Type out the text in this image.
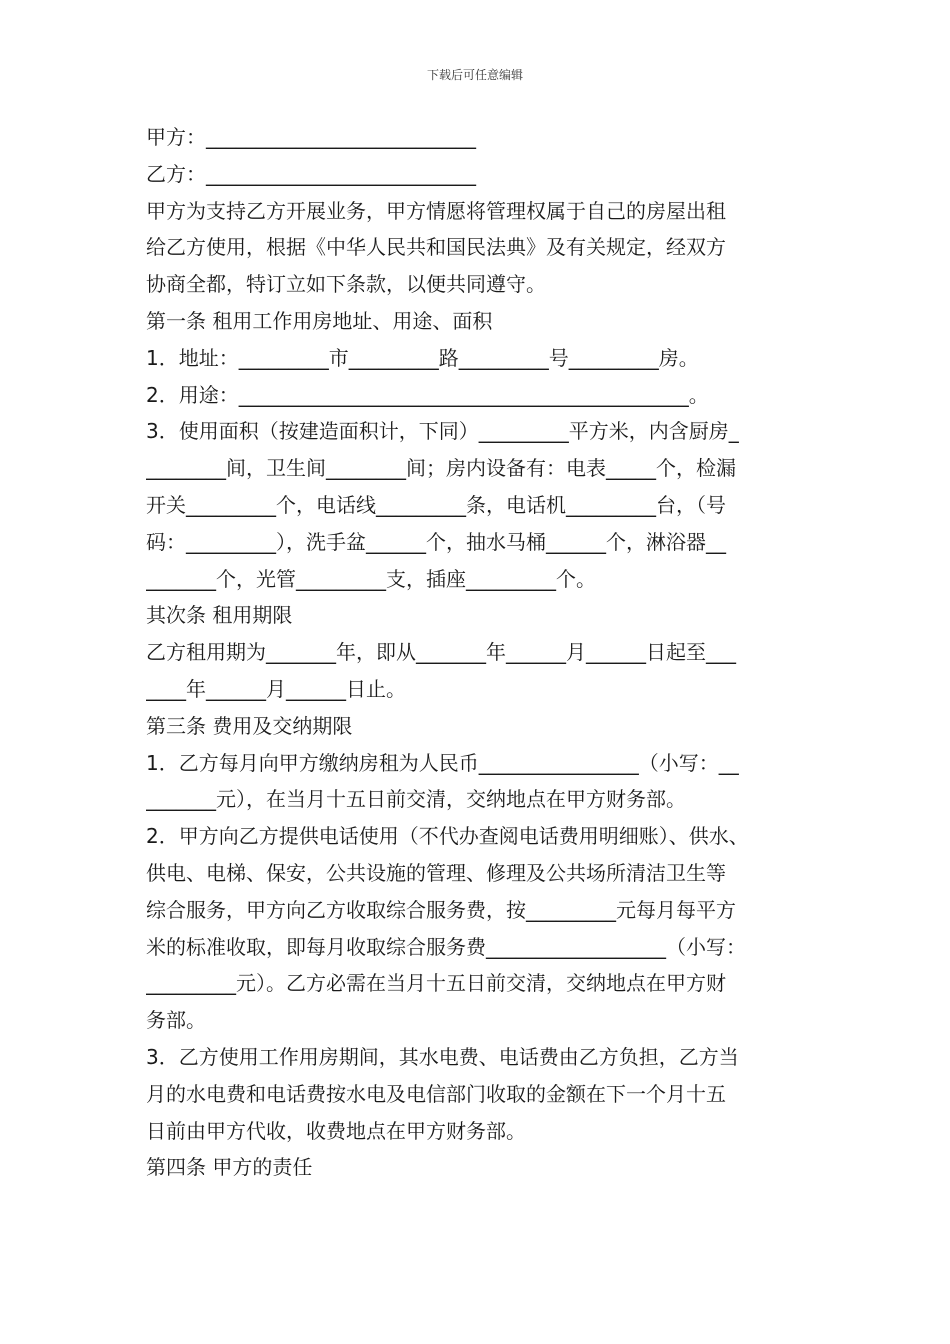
下载后可任意编辑
甲方：___________________________
乙方：___________________________
甲方为支持乙方开展业务，甲方情愿将管理权属于自己的房屋出租
给乙方使用，根据《中华人民共和国民法典》及有关规定，经双方
协商全都，特订立如下条款，以便共同遵守。
第一条 租用工作用房地址、用途、面积
1．地址：_________市_________路_________号_________房。
2．用途：_____________________________________________。
3．使用面积（按建造面积计，下同）_________平方米，内含厨房_
________间，卫生间________间；房内设备有：电表_____个，检漏
开关_________个，电话线_________条，电话机_________台，（号
码：_________），洗手盆______个，抽水马桶______个，淋浴器__
_______个，光管_________支，插座_________个。
其次条 租用期限
乙方租用期为_______年，即从_______年______月______日起至___
____年______月______日止。
第三条 费用及交纳期限
1．乙方每月向甲方缴纳房租为人民币________________（小写：__
_______元），在当月十五日前交清，交纳地点在甲方财务部。
2．甲方向乙方提供电话使用（不代办查阅电话费用明细账）、供水、
供电、电梯、保安，公共设施的管理、修理及公共场所清洁卫生等
综合服务，甲方向乙方收取综合服务费，按_________元每月每平方
米的标准收取，即每月收取综合服务费__________________（小写：
_________元）。乙方必需在当月十五日前交清，交纳地点在甲方财
务部。
3．乙方使用工作用房期间，其水电费、电话费由乙方负担，乙方当
月的水电费和电话费按水电及电信部门收取的金额在下一个月十五
日前由甲方代收，收费地点在甲方财务部。
第四条 甲方的责任
